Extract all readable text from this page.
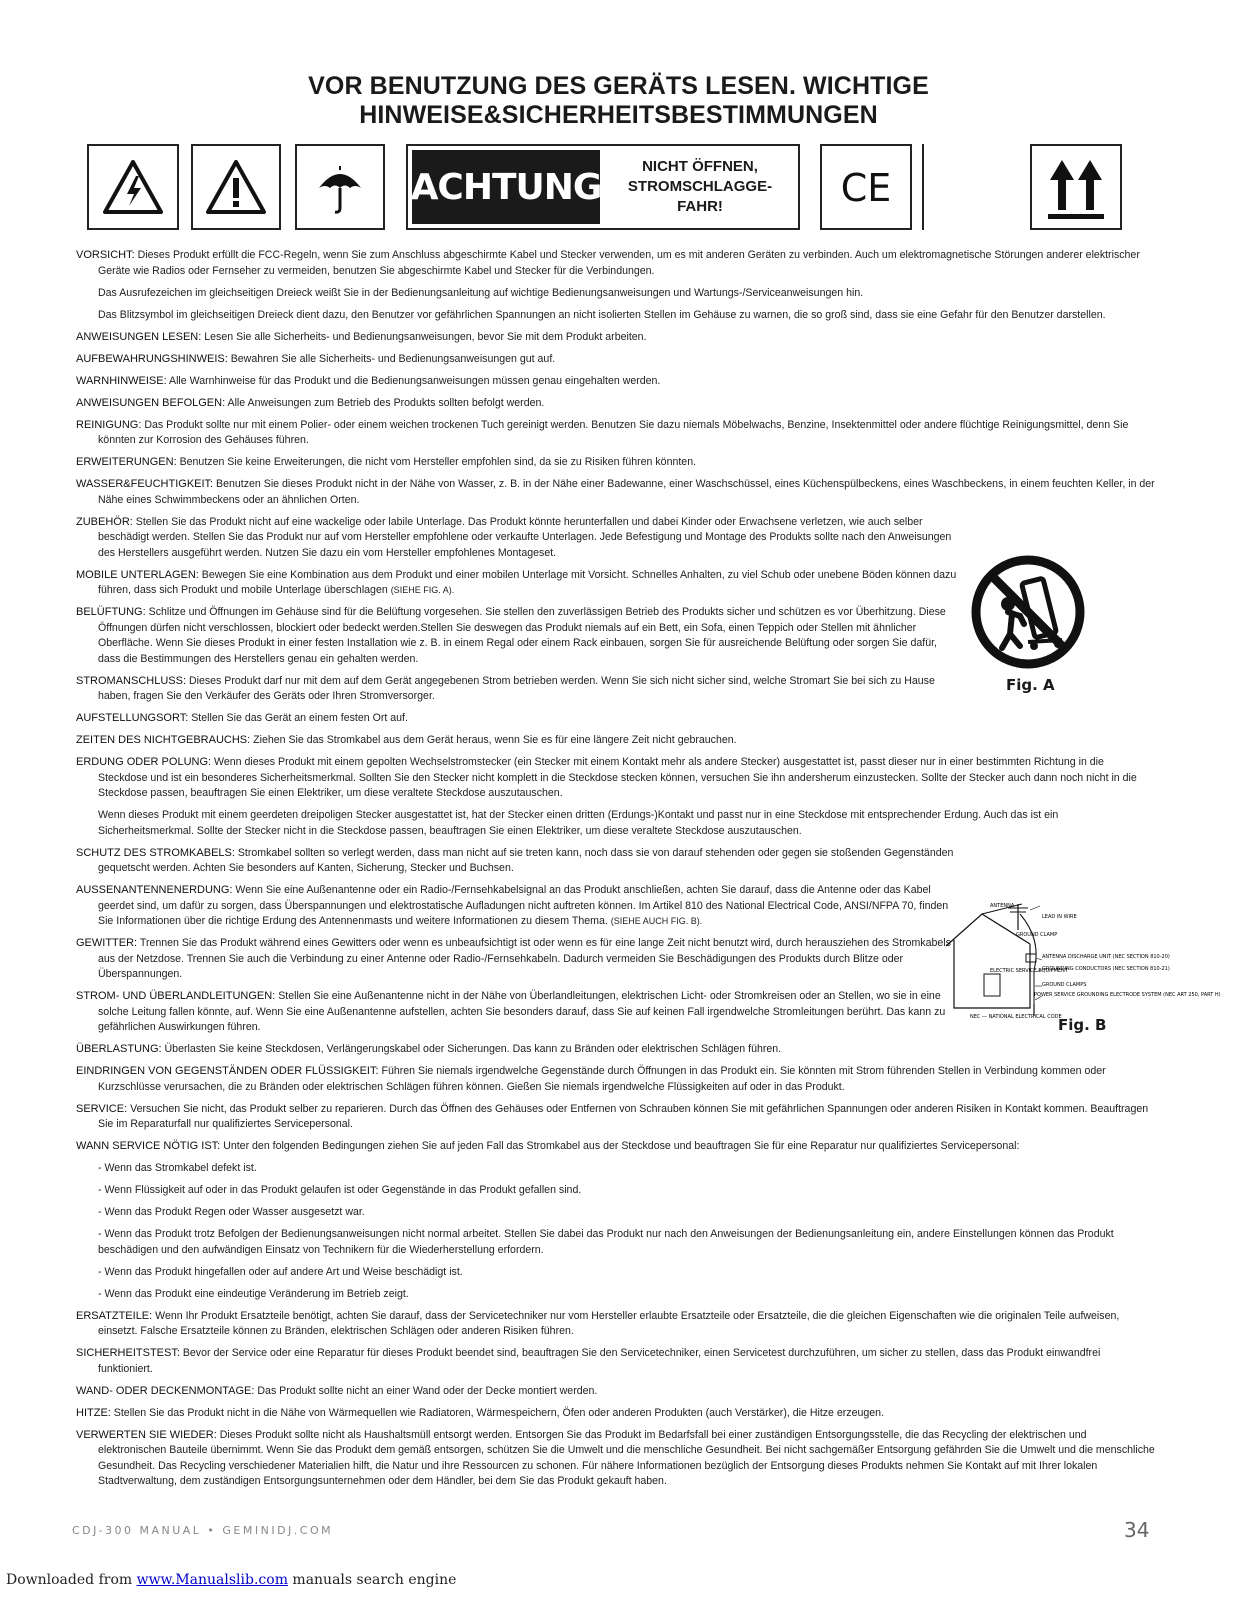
VOR BENUTZUNG DES GERÄTS LESEN. WICHTIGE
HINWEISE&SICHERHEITSBESTIMMUNGEN
ACHTUNG	NICHT ÖFFNEN,
STROMSCHLAGGE-
FAHR!	CE

VORSICHT: Dieses Produkt erfüllt die FCC-Regeln, wenn Sie zum Anschluss abgeschirmte Kabel und Stecker verwenden, um es mit anderen Geräten zu verbinden. Auch um elektromagnetische Störungen anderer elektrischer Geräte wie Radios oder Fernseher zu vermeiden, benutzen Sie abgeschirmte Kabel und Stecker für die Verbindungen.

Das Ausrufezeichen im gleichseitigen Dreieck weißt Sie in der Bedienungsanleitung auf wichtige Bedienungsanweisungen und Wartungs-/Serviceanweisungen hin.

Das Blitzsymbol im gleichseitigen Dreieck dient dazu, den Benutzer vor gefährlichen Spannungen an nicht isolierten Stellen im Gehäuse zu warnen, die so groß sind, dass sie eine Gefahr für den Benutzer darstellen.

ANWEISUNGEN LESEN: Lesen Sie alle Sicherheits- und Bedienungsanweisungen, bevor Sie mit dem Produkt arbeiten.

AUFBEWAHRUNGSHINWEIS: Bewahren Sie alle Sicherheits- und Bedienungsanweisungen gut auf.

WARNHINWEISE: Alle Warnhinweise für das Produkt und die Bedienungsanweisungen müssen genau eingehalten werden.

ANWEISUNGEN BEFOLGEN: Alle Anweisungen zum Betrieb des Produkts sollten befolgt werden.

REINIGUNG: Das Produkt sollte nur mit einem Polier- oder einem weichen trockenen Tuch gereinigt werden. Benutzen Sie dazu niemals Möbelwachs, Benzine, Insektenmittel oder andere flüchtige Reinigungsmittel, denn Sie könnten zur Korrosion des Gehäuses führen.

ERWEITERUNGEN: Benutzen Sie keine Erweiterungen, die nicht vom Hersteller empfohlen sind, da sie zu Risiken führen könnten.

WASSER&FEUCHTIGKEIT: Benutzen Sie dieses Produkt nicht in der Nähe von Wasser, z. B. in der Nähe einer Badewanne, einer Waschschüssel, eines Küchenspülbeckens, eines Waschbeckens, in einem feuchten Keller, in der Nähe eines Schwimmbeckens oder an ähnlichen Orten.

ZUBEHÖR: Stellen Sie das Produkt nicht auf eine wackelige oder labile Unterlage. Das Produkt könnte herunterfallen und dabei Kinder oder Erwachsene verletzen, wie auch selber beschädigt werden. Stellen Sie das Produkt nur auf vom Hersteller empfohlene oder verkaufte Unterlagen. Jede Befestigung und Montage des Produkts sollte nach den Anweisungen des Herstellers ausgeführt werden. Nutzen Sie dazu ein vom Hersteller empfohlenes Montageset.

MOBILE UNTERLAGEN: Bewegen Sie eine Kombination aus dem Produkt und einer mobilen Unterlage mit Vorsicht. Schnelles Anhalten, zu viel Schub oder unebene Böden können dazu führen, dass sich Produkt und mobile Unterlage überschlagen (SIEHE FIG. A).

BELÜFTUNG: Schlitze und Öffnungen im Gehäuse sind für die Belüftung vorgesehen. Sie stellen den zuverlässigen Betrieb des Produkts sicher und schützen es vor Überhitzung. Diese Öffnungen dürfen nicht verschlossen, blockiert oder bedeckt werden.Stellen Sie deswegen das Produkt niemals auf ein Bett, ein Sofa, einen Teppich oder Stellen mit ähnlicher Oberfläche. Wenn Sie dieses Produkt in einer festen Installation wie z. B. in einem Regal oder einem Rack einbauen, sorgen Sie für ausreichende Belüftung oder sorgen Sie dafür, dass die Bestimmungen des Herstellers genau ein gehalten werden.

STROMANSCHLUSS: Dieses Produkt darf nur mit dem auf dem Gerät angegebenen Strom betrieben werden. Wenn Sie sich nicht sicher sind, welche Stromart Sie bei sich zu Hause haben, fragen Sie den Verkäufer des Geräts oder Ihren Stromversorger.

AUFSTELLUNGSORT: Stellen Sie das Gerät an einem festen Ort auf.

ZEITEN DES NICHTGEBRAUCHS: Ziehen Sie das Stromkabel aus dem Gerät heraus, wenn Sie es für eine längere Zeit nicht gebrauchen.

ERDUNG ODER POLUNG: Wenn dieses Produkt mit einem gepolten Wechselstromstecker (ein Stecker mit einem Kontakt mehr als andere Stecker) ausgestattet ist, passt dieser nur in einer bestimmten Richtung in die Steckdose und ist ein besonderes Sicherheitsmerkmal. Sollten Sie den Stecker nicht komplett in die Steckdose stecken können, versuchen Sie ihn andersherum einzustecken. Sollte der Stecker auch dann noch nicht in die Steckdose passen, beauftragen Sie einen Elektriker, um diese veraltete Steckdose auszutauschen.

Wenn dieses Produkt mit einem geerdeten dreipoligen Stecker ausgestattet ist, hat der Stecker einen dritten (Erdungs-)Kontakt und passt nur in eine Steckdose mit entsprechender Erdung. Auch das ist ein Sicherheitsmerkmal. Sollte der Stecker nicht in die Steckdose passen, beauftragen Sie einen Elektriker, um diese veraltete Steckdose auszutauschen.

SCHUTZ DES STROMKABELS: Stromkabel sollten so verlegt werden, dass man nicht auf sie treten kann, noch dass sie von darauf stehenden oder gegen sie stoßenden Gegenständen gequetscht werden. Achten Sie besonders auf Kanten, Sicherung, Stecker und Buchsen.

AUSSENANTENNENERDUNG: Wenn Sie eine Außenantenne oder ein Radio-/Fernsehkabelsignal an das Produkt anschließen, achten Sie darauf, dass die Antenne oder das Kabel geerdet sind, um dafür zu sorgen, dass Überspannungen und elektrostatische Aufladungen nicht auftreten können. Im Artikel 810 des National Electrical Code, ANSI/NFPA 70, finden Sie Informationen über die richtige Erdung des Antennenmasts und weitere Informationen zu diesem Thema. (SIEHE AUCH FIG. B).

GEWITTER: Trennen Sie das Produkt während eines Gewitters oder wenn es unbeaufsichtigt ist oder wenn es für eine lange Zeit nicht benutzt wird, durch herausziehen des Stromkabels aus der Netzdose. Trennen Sie auch die Verbindung zu einer Antenne oder Radio-/Fernsehkabeln. Dadurch vermeiden Sie Beschädigungen des Produkts durch Blitze oder Überspannungen.

STROM- UND ÜBERLANDLEITUNGEN: Stellen Sie eine Außenantenne nicht in der Nähe von Überlandleitungen, elektrischen Licht- oder Stromkreisen oder an Stellen, wo sie in eine solche Leitung fallen könnte, auf. Wenn Sie eine Außenantenne aufstellen, achten Sie besonders darauf, dass Sie auf keinen Fall irgendwelche Stromleitungen berührt. Das kann zu gefährlichen Auswirkungen führen.

ÜBERLASTUNG: Überlasten Sie keine Steckdosen, Verlängerungskabel oder Sicherungen. Das kann zu Bränden oder elektrischen Schlägen führen.

EINDRINGEN VON GEGENSTÄNDEN ODER FLÜSSIGKEIT: Führen Sie niemals irgendwelche Gegenstände durch Öffnungen in das Produkt ein. Sie könnten mit Strom führenden Stellen in Verbindung kommen oder Kurzschlüsse verursachen, die zu Bränden oder elektrischen Schlägen führen können. Gießen Sie niemals irgendwelche Flüssigkeiten auf oder in das Produkt.

SERVICE: Versuchen Sie nicht, das Produkt selber zu reparieren. Durch das Öffnen des Gehäuses oder Entfernen von Schrauben können Sie mit gefährlichen Spannungen oder anderen Risiken in Kontakt kommen. Beauftragen Sie im Reparaturfall nur qualifiziertes Servicepersonal.

WANN SERVICE NÖTIG IST: Unter den folgenden Bedingungen ziehen Sie auf jeden Fall das Stromkabel aus der Steckdose und beauftragen Sie für eine Reparatur nur qualifiziertes Servicepersonal:

- Wenn das Stromkabel defekt ist.

- Wenn Flüssigkeit auf oder in das Produkt gelaufen ist oder Gegenstände in das Produkt gefallen sind.

- Wenn das Produkt Regen oder Wasser ausgesetzt war.

- Wenn das Produkt trotz Befolgen der Bedienungsanweisungen nicht normal arbeitet. Stellen Sie dabei das Produkt nur nach den Anweisungen der Bedienungsanleitung ein, andere Einstellungen können das Produkt beschädigen und den aufwändigen Einsatz von Technikern für die Wiederherstellung erfordern.

- Wenn das Produkt hingefallen oder auf andere Art und Weise beschädigt ist.

- Wenn das Produkt eine eindeutige Veränderung im Betrieb zeigt.

ERSATZTEILE: Wenn Ihr Produkt Ersatzteile benötigt, achten Sie darauf, dass der Servicetechniker nur vom Hersteller erlaubte Ersatzteile oder Ersatzteile, die die gleichen Eigenschaften wie die originalen Teile aufweisen, einsetzt. Falsche Ersatzteile können zu Bränden, elektrischen Schlägen oder anderen Risiken führen.

SICHERHEITSTEST: Bevor der Service oder eine Reparatur für dieses Produkt beendet sind, beauftragen Sie den Servicetechniker, einen Servicetest durchzuführen, um sicher zu stellen, dass das Produkt einwandfrei funktioniert.

WAND- ODER DECKENMONTAGE: Das Produkt sollte nicht an einer Wand oder der Decke montiert werden.

HITZE: Stellen Sie das Produkt nicht in die Nähe von Wärmequellen wie Radiatoren, Wärmespeichern, Öfen oder anderen Produkten (auch Verstärker), die Hitze erzeugen.

VERWERTEN SIE WIEDER: Dieses Produkt sollte nicht als Haushaltsmüll entsorgt werden. Entsorgen Sie das Produkt im Bedarfsfall bei einer zuständigen Entsorgungsstelle, die das Recycling der elektrischen und elektronischen Bauteile übernimmt. Wenn Sie das Produkt dem gemäß entsorgen, schützen Sie die Umwelt und die menschliche Gesundheit. Bei nicht sachgemäßer Entsorgung gefährden Sie die Umwelt und die menschliche Gesundheit. Das Recycling verschiedener Materialien hilft, die Natur und ihre Ressourcen zu schonen. Für nähere Informationen bezüglich der Entsorgung dieses Produkts nehmen Sie Kontakt auf mit Ihrer lokalen Stadtverwaltung, dem zuständigen Entsorgungsunternehmen oder dem Händler, bei dem Sie das Produkt gekauft haben.

Fig. A
ANTENNA
LEAD IN WIRE
GROUND CLAMP
ANTENNA DISCHARGE UNIT (NEC SECTION 810-20)
ELECTRIC SERVICE EQUIPMENT
GROUNDING CONDUCTORS (NEC SECTION 810-21)
GROUND CLAMPS
POWER SERVICE GROUNDING ELECTRODE SYSTEM (NEC ART 250, PART H)
NEC — NATIONAL ELECTRICAL CODE
Fig. B
CDJ-300 MANUAL • GEMINIDJ.COM	34
Downloaded from www.Manualslib.com manuals search engine
